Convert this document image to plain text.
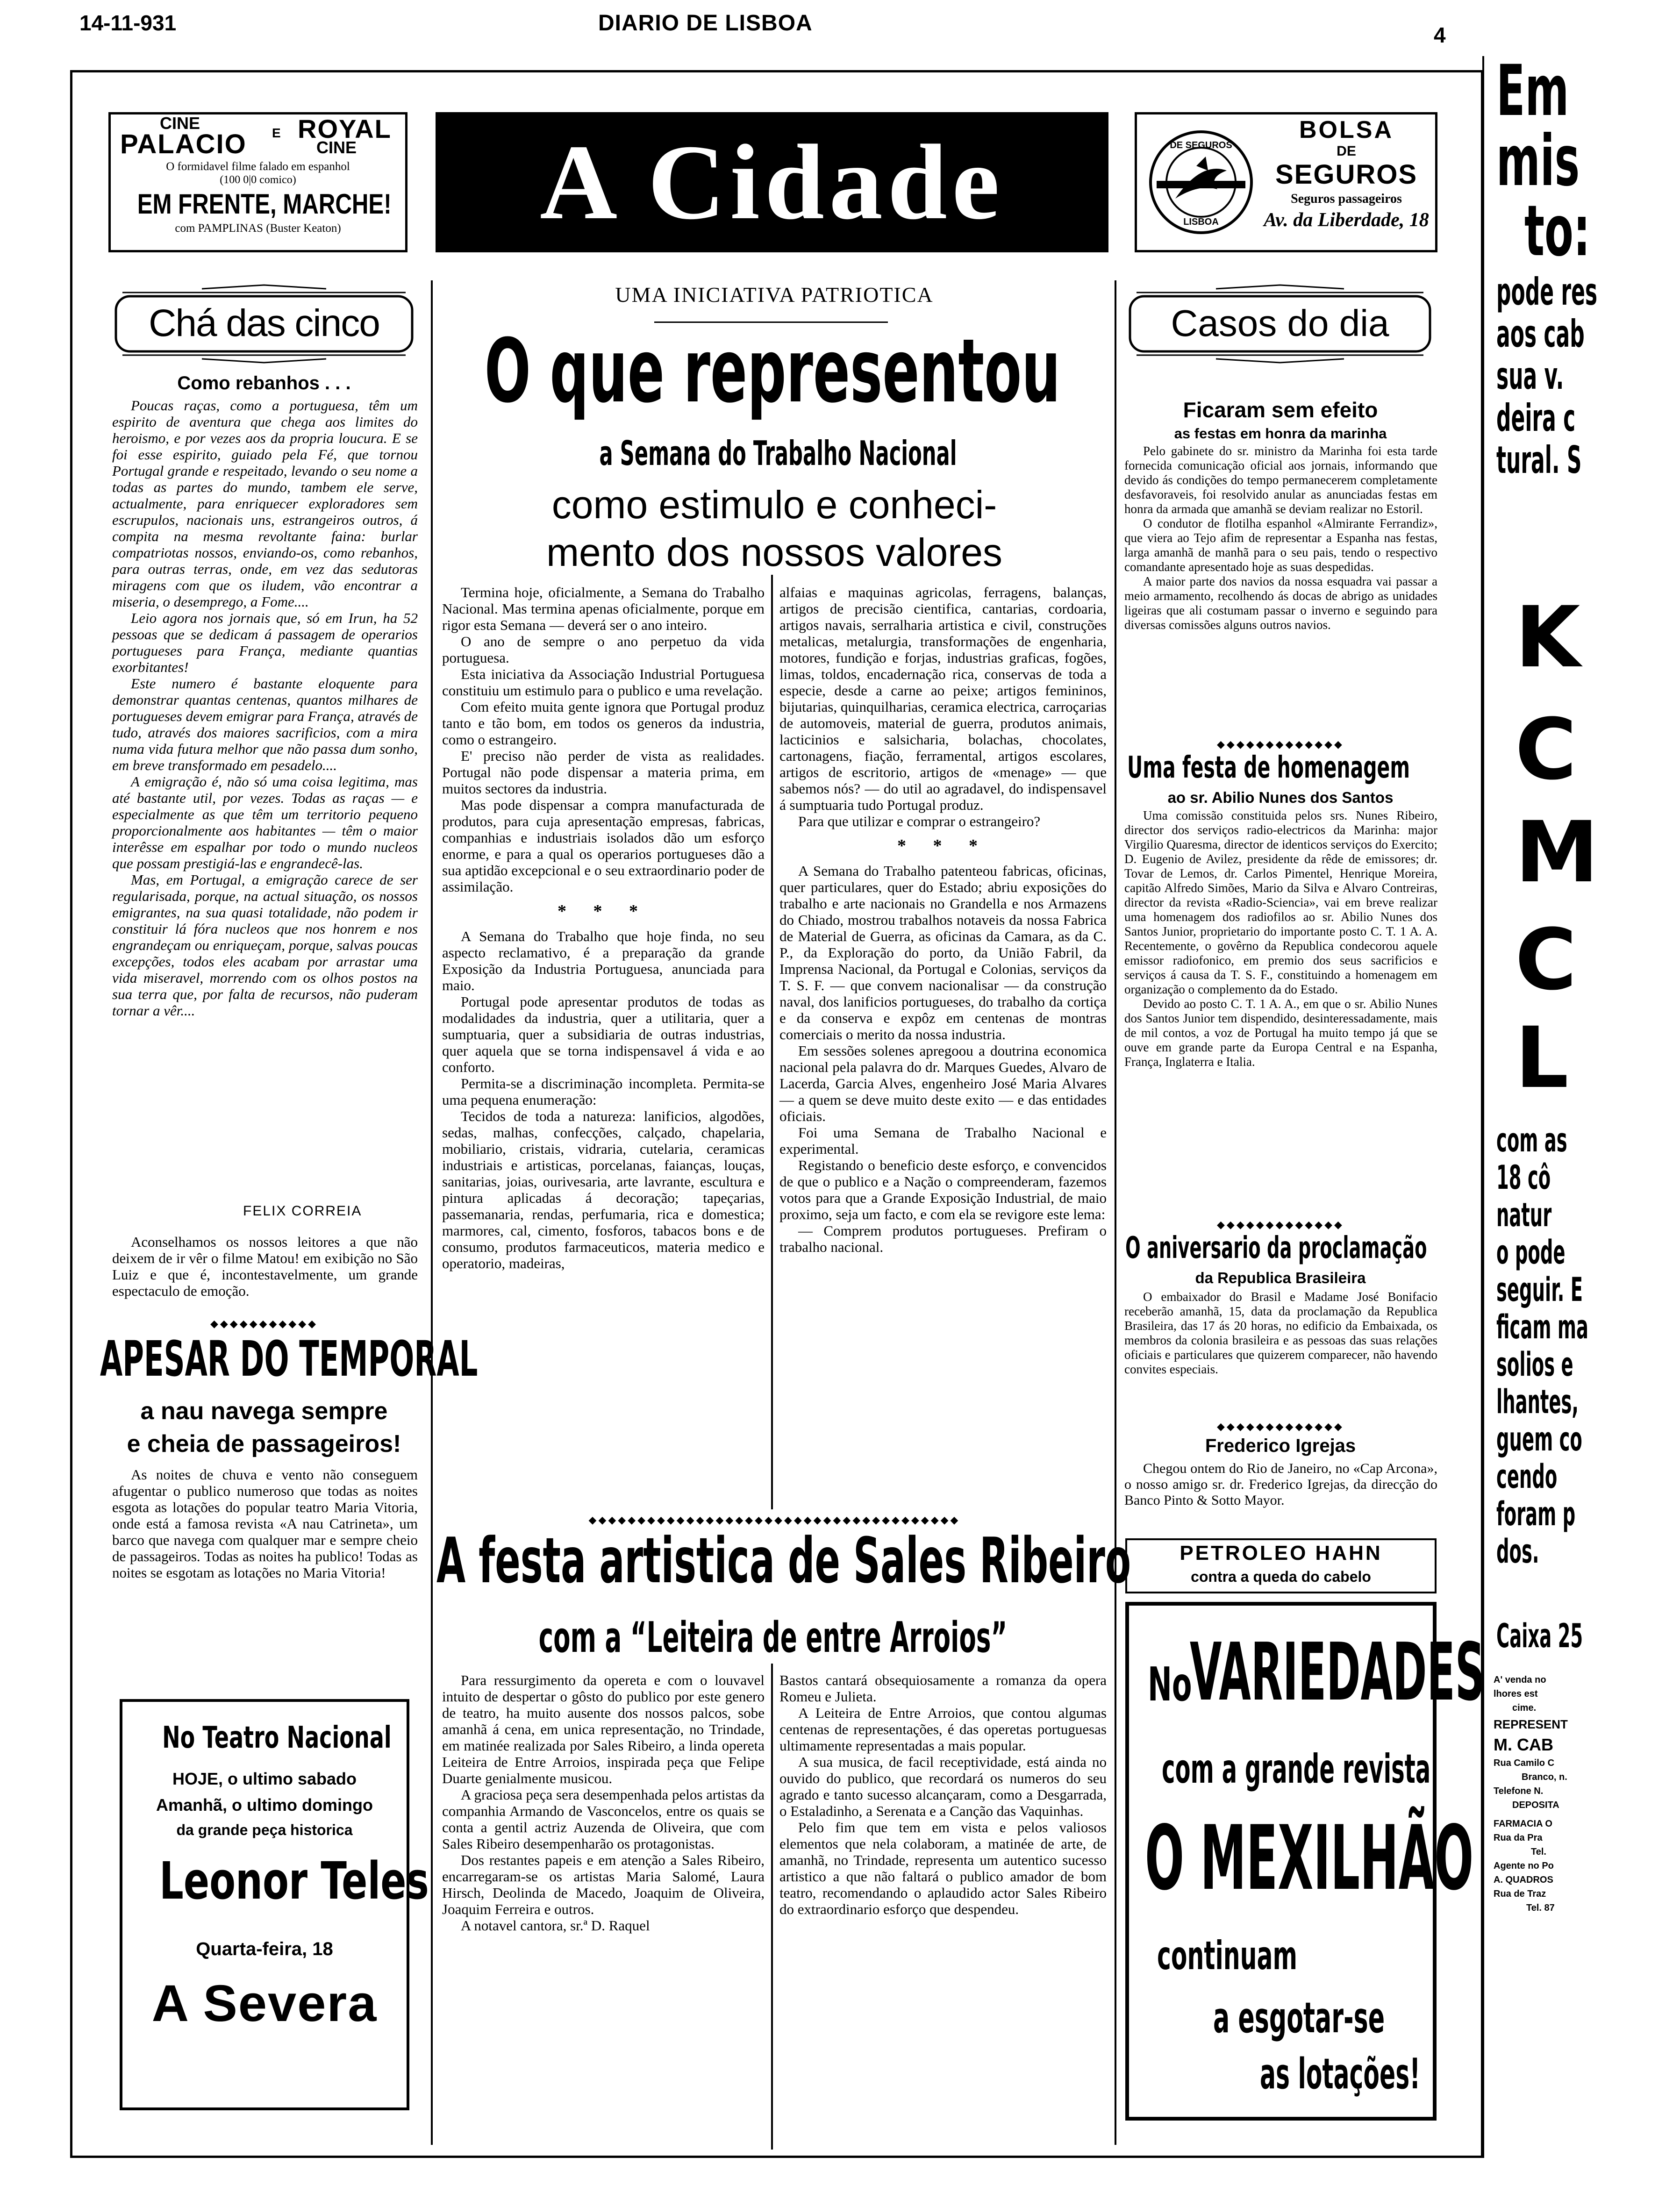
14-11-931	DIARIO DE LISBOA	4
CINE
PALACIO E ROYAL
CINE
O formidavel filme falado em espanhol
(100 0|0 comico)
EM FRENTE, MARCHE!
com PAMPLINAS (Buster Keaton)	A Cidade	DE SEGUROS
LISBOA
BOLSA
DE
SEGUROS
Seguros passageiros
Av. da Liberdade, 18
Chá das cinco
Como rebanhos . . .

Poucas raças, como a portuguesa, têm um espirito de aventura que chega aos limites do heroismo, e por vezes aos da propria loucura. E se foi esse espirito, guiado pela Fé, que tornou Portugal grande e respeitado, levando o seu nome a todas as partes do mundo, tambem ele serve, actualmente, para enriquecer exploradores sem escrupulos, nacionais uns, estrangeiros outros, á compita na mesma revoltante faina: burlar compatriotas nossos, enviando-os, como rebanhos, para outras terras, onde, em vez das sedutoras miragens com que os iludem, vão encontrar a miseria, o desemprego, a Fome....

Leio agora nos jornais que, só em Irun, ha 52 pessoas que se dedicam á passagem de operarios portugueses para França, mediante quantias exorbitantes!

Este numero é bastante eloquente para demonstrar quantas centenas, quantos milhares de portugueses devem emigrar para França, através de tudo, através dos maiores sacrificios, com a mira numa vida futura melhor que não passa dum sonho, em breve transformado em pesadelo....

A emigração é, não só uma coisa legitima, mas até bastante util, por vezes. Todas as raças — e especialmente as que têm um territorio pequeno proporcionalmente aos habitantes — têm o maior interêsse em espalhar por todo o mundo nucleos que possam prestigiá-las e engrandecê-las.

Mas, em Portugal, a emigração carece de ser regularisada, porque, na actual situação, os nossos emigrantes, na sua quasi totalidade, não podem ir constituir lá fóra nucleos que nos honrem e nos engrandeçam ou enriqueçam, porque, salvas poucas excepções, todos eles acabam por arrastar uma vida miseravel, morrendo com os olhos postos na sua terra que, por falta de recursos, não puderam tornar a vêr....

FELIX CORREIA

Aconselhamos os nossos leitores a que não deixem de ir vêr o filme Matou! em exibição no São Luiz e que é, incontestavelmente, um grande espectaculo de emoção.

◆◆◆◆◆◆◆◆◆◆◆
APESAR DO TEMPORAL
a nau navega sempre
e cheia de passageiros!

As noites de chuva e vento não conseguem afugentar o publico numeroso que todas as noites esgota as lotações do popular teatro Maria Vitoria, onde está a famosa revista «A nau Catrineta», um barco que navega com qualquer mar e sempre cheio de passageiros. Todas as noites ha publico! Todas as noites se esgotam as lotações no Maria Vitoria!

No Teatro Nacional
HOJE, o ultimo sabado
Amanhã, o ultimo domingo
da grande peça historica
Leonor Teles
Quarta-feira, 18
A Severa
UMA INICIATIVA PATRIOTICA
O que representou
a Semana do Trabalho Nacional
como estimulo e conheci-
mento dos nossos valores

Termina hoje, oficialmente, a Semana do Trabalho Nacional. Mas termina apenas oficialmente, porque em rigor esta Semana — deverá ser o ano inteiro.

O ano de sempre o ano perpetuo da vida portuguesa.

Esta iniciativa da Associação Industrial Portuguesa constituiu um estimulo para o publico e uma revelação.

Com efeito muita gente ignora que Portugal produz tanto e tão bom, em todos os generos da industria, como o estrangeiro.

E' preciso não perder de vista as realidades. Portugal não pode dispensar a materia prima, em muitos sectores da industria.

Mas pode dispensar a compra manufacturada de produtos, para cuja apresentação empresas, fabricas, companhias e industriais isolados dão um esforço enorme, e para a qual os operarios portugueses dão a sua aptidão excepcional e o seu extraordinario poder de assimilação.

* * *

A Semana do Trabalho que hoje finda, no seu aspecto reclamativo, é a preparação da grande Exposição da Industria Portuguesa, anunciada para maio.

Portugal pode apresentar produtos de todas as modalidades da industria, quer a utilitaria, quer a sumptuaria, quer a subsidiaria de outras industrias, quer aquela que se torna indispensavel á vida e ao conforto.

Permita-se a discriminação incompleta. Permita-se uma pequena enumeração:

Tecidos de toda a natureza: lanificios, algodões, sedas, malhas, confecções, calçado, chapelaria, mobiliario, cristais, vidraria, cutelaria, ceramicas industriais e artisticas, porcelanas, faianças, louças, sanitarias, joias, ourivesaria, arte lavrante, escultura e pintura aplicadas á decoração; tapeçarias, passemanaria, rendas, perfumaria, rica e domestica; marmores, cal, cimento, fosforos, tabacos bons e de consumo, produtos farmaceuticos, materia medico e operatorio, madeiras,

alfaias e maquinas agricolas, ferragens, balanças, artigos de precisão cientifica, cantarias, cordoaria, artigos navais, serralharia artistica e civil, construções metalicas, metalurgia, transformações de engenharia, motores, fundição e forjas, industrias graficas, fogões, limas, toldos, encadernação rica, conservas de toda a especie, desde a carne ao peixe; artigos femininos, bijutarias, quinquilharias, ceramica electrica, carroçarias de automoveis, material de guerra, produtos animais, lacticinios e salsicharia, bolachas, chocolates, cartonagens, fiação, ferramental, artigos escolares, artigos de escritorio, artigos de «menage» — que sabemos nós? — do util ao agradavel, do indispensavel á sumptuaria tudo Portugal produz.

Para que utilizar e comprar o estrangeiro?

* * *

A Semana do Trabalho patenteou fabricas, oficinas, quer particulares, quer do Estado; abriu exposições do trabalho e arte nacionais no Grandella e nos Armazens do Chiado, mostrou trabalhos notaveis da nossa Fabrica de Material de Guerra, as oficinas da Camara, as da C. P., da Exploração do porto, da União Fabril, da Imprensa Nacional, da Portugal e Colonias, serviços da T. S. F. — que convem nacionalisar — da construção naval, dos lanificios portugueses, do trabalho da cortiça e da conserva e expôz em centenas de montras comerciais o merito da nossa industria.

Em sessões solenes apregoou a doutrina economica nacional pela palavra do dr. Marques Guedes, Alvaro de Lacerda, Garcia Alves, engenheiro José Maria Alvares — a quem se deve muito deste exito — e das entidades oficiais.

Foi uma Semana de Trabalho Nacional e experimental.

Registando o beneficio deste esforço, e convencidos de que o publico e a Nação o compreenderam, fazemos votos para que a Grande Exposição Industrial, de maio proximo, seja um facto, e com ela se revigore este lema:

— Comprem produtos portugueses. Prefiram o trabalho nacional.

◆◆◆◆◆◆◆◆◆◆◆◆◆◆◆◆◆◆◆◆◆◆◆◆◆◆◆◆◆◆◆◆◆◆◆◆◆◆
A festa artistica de Sales Ribeiro
com a “Leiteira de entre Arroios”

Para ressurgimento da opereta e com o louvavel intuito de despertar o gôsto do publico por este genero de teatro, ha muito ausente dos nossos palcos, sobe amanhã á cena, em unica representação, no Trindade, em matinée realizada por Sales Ribeiro, a linda opereta Leiteira de Entre Arroios, inspirada peça que Felipe Duarte genialmente musicou.

A graciosa peça sera desempenhada pelos artistas da companhia Armando de Vasconcelos, entre os quais se conta a gentil actriz Auzenda de Oliveira, que com Sales Ribeiro desempenharão os protagonistas.

Dos restantes papeis e em atenção a Sales Ribeiro, encarregaram-se os artistas Maria Salomé, Laura Hirsch, Deolinda de Macedo, Joaquim de Oliveira, Joaquim Ferreira e outros.

A notavel cantora, sr.ª D. Raquel

Bastos cantará obsequiosamente a romanza da opera Romeu e Julieta.

A Leiteira de Entre Arroios, que contou algumas centenas de representações, é das operetas portuguesas ultimamente representadas a mais popular.

A sua musica, de facil receptividade, está ainda no ouvido do publico, que recordará os numeros do seu agrado e tanto sucesso alcançaram, como a Desgarrada, o Estaladinho, a Serenata e a Canção das Vaquinhas.

Pelo fim que tem em vista e pelos valiosos elementos que nela colaboram, a matinée de arte, de amanhã, no Trindade, representa um autentico sucesso artistico a que não faltará o publico amador de bom teatro, recomendando o aplaudido actor Sales Ribeiro do extraordinario esforço que despendeu.

Casos do dia
Ficaram sem efeito
as festas em honra da marinha

Pelo gabinete do sr. ministro da Marinha foi esta tarde fornecida comunicação oficial aos jornais, informando que devido ás condições do tempo permanecerem completamente desfavoraveis, foi resolvido anular as anunciadas festas em honra da armada que amanhã se deviam realizar no Estoril.

O condutor de flotilha espanhol «Almirante Ferrandiz», que viera ao Tejo afim de representar a Espanha nas festas, larga amanhã de manhã para o seu pais, tendo o respectivo comandante apresentado hoje as suas despedidas.

A maior parte dos navios da nossa esquadra vai passar a meio armamento, recolhendo ás docas de abrigo as unidades ligeiras que ali costumam passar o inverno e seguindo para diversas comissões alguns outros navios.

◆◆◆◆◆◆◆◆◆◆◆◆◆
Uma festa de homenagem
ao sr. Abilio Nunes dos Santos

Uma comissão constituida pelos srs. Nunes Ribeiro, director dos serviços radio-electricos da Marinha: major Virgilio Quaresma, director de identicos serviços do Exercito; D. Eugenio de Avilez, presidente da rêde de emissores; dr. Tovar de Lemos, dr. Carlos Pimentel, Henrique Moreira, capitão Alfredo Simões, Mario da Silva e Alvaro Contreiras, director da revista «Radio-Sciencia», vai em breve realizar uma homenagem dos radiofilos ao sr. Abilio Nunes dos Santos Junior, proprietario do importante posto C. T. 1 A. A. Recentemente, o govêrno da Republica condecorou aquele emissor radiofonico, em premio dos seus sacrificios e serviços á causa da T. S. F., constituindo a homenagem em organização o complemento da do Estado.

Devido ao posto C. T. 1 A. A., em que o sr. Abilio Nunes dos Santos Junior tem dispendido, desinteressadamente, mais de mil contos, a voz de Portugal ha muito tempo já que se ouve em grande parte da Europa Central e na Espanha, França, Inglaterra e Italia.

◆◆◆◆◆◆◆◆◆◆◆◆◆
O aniversario da proclamação
da Republica Brasileira

O embaixador do Brasil e Madame José Bonifacio receberão amanhã, 15, data da proclamação da Republica Brasileira, das 17 ás 20 horas, no edificio da Embaixada, os membros da colonia brasileira e as pessoas das suas relações oficiais e particulares que quizerem comparecer, não havendo convites especiais.

◆◆◆◆◆◆◆◆◆◆◆◆◆
Frederico Igrejas

Chegou ontem do Rio de Janeiro, no «Cap Arcona», o nosso amigo sr. dr. Frederico Igrejas, da direcção do Banco Pinto & Sotto Mayor.

PETROLEO HAHN
contra a queda do cabelo
No
VARIEDADES
com a grande revista
O MEXILHÃO
continuam
a esgotar-se
as lotações!
Em
mis
to:
pode res
aos cab
sua v.
deira c
tural. S
K
C
M
C
L
com as
18 cô
natur
o pode
seguir. E
ficam ma
solios e
lhantes,
guem co
cendo
foram p
dos.
Caixa 25
A' venda no
lhores est
cime.
REPRESENT
M. CAB
Rua Camilo C
Branco, n.
Telefone N.
DEPOSITA
FARMACIA O
Rua da Pra
Tel.
Agente no Po
A. QUADROS
Rua de Traz
Tel. 87
